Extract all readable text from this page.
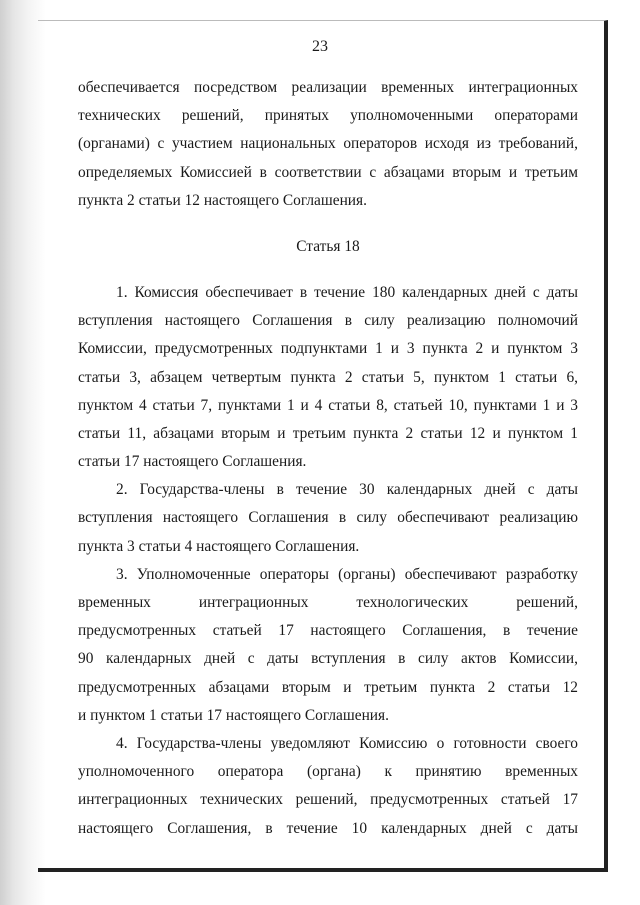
23
обеспечивается посредством реализации временных интеграционных
технических решений, принятых уполномоченными операторами
(органами) с участием национальных операторов исходя из требований,
определяемых Комиссией в соответствии с абзацами вторым и третьим
пункта 2 статьи 12 настоящего Соглашения.
Статья 18
1. Комиссия обеспечивает в течение 180 календарных дней с даты
вступления настоящего Соглашения в силу реализацию полномочий
Комиссии, предусмотренных подпунктами 1 и 3 пункта 2 и пунктом 3
статьи 3, абзацем четвертым пункта 2 статьи 5, пунктом 1 статьи 6,
пунктом 4 статьи 7, пунктами 1 и 4 статьи 8, статьей 10, пунктами 1 и 3
статьи 11, абзацами вторым и третьим пункта 2 статьи 12 и пунктом 1
статьи 17 настоящего Соглашения.
2. Государства-члены в течение 30 календарных дней с даты
вступления настоящего Соглашения в силу обеспечивают реализацию
пункта 3 статьи 4 настоящего Соглашения.
3. Уполномоченные операторы (органы) обеспечивают разработку
временных интеграционных технологических решений,
предусмотренных статьей 17 настоящего Соглашения, в течение
90 календарных дней с даты вступления в силу актов Комиссии,
предусмотренных абзацами вторым и третьим пункта 2 статьи 12
и пунктом 1 статьи 17 настоящего Соглашения.
4. Государства-члены уведомляют Комиссию о готовности своего
уполномоченного оператора (органа) к принятию временных
интеграционных технических решений, предусмотренных статьей 17
настоящего Соглашения, в течение 10 календарных дней с даты
